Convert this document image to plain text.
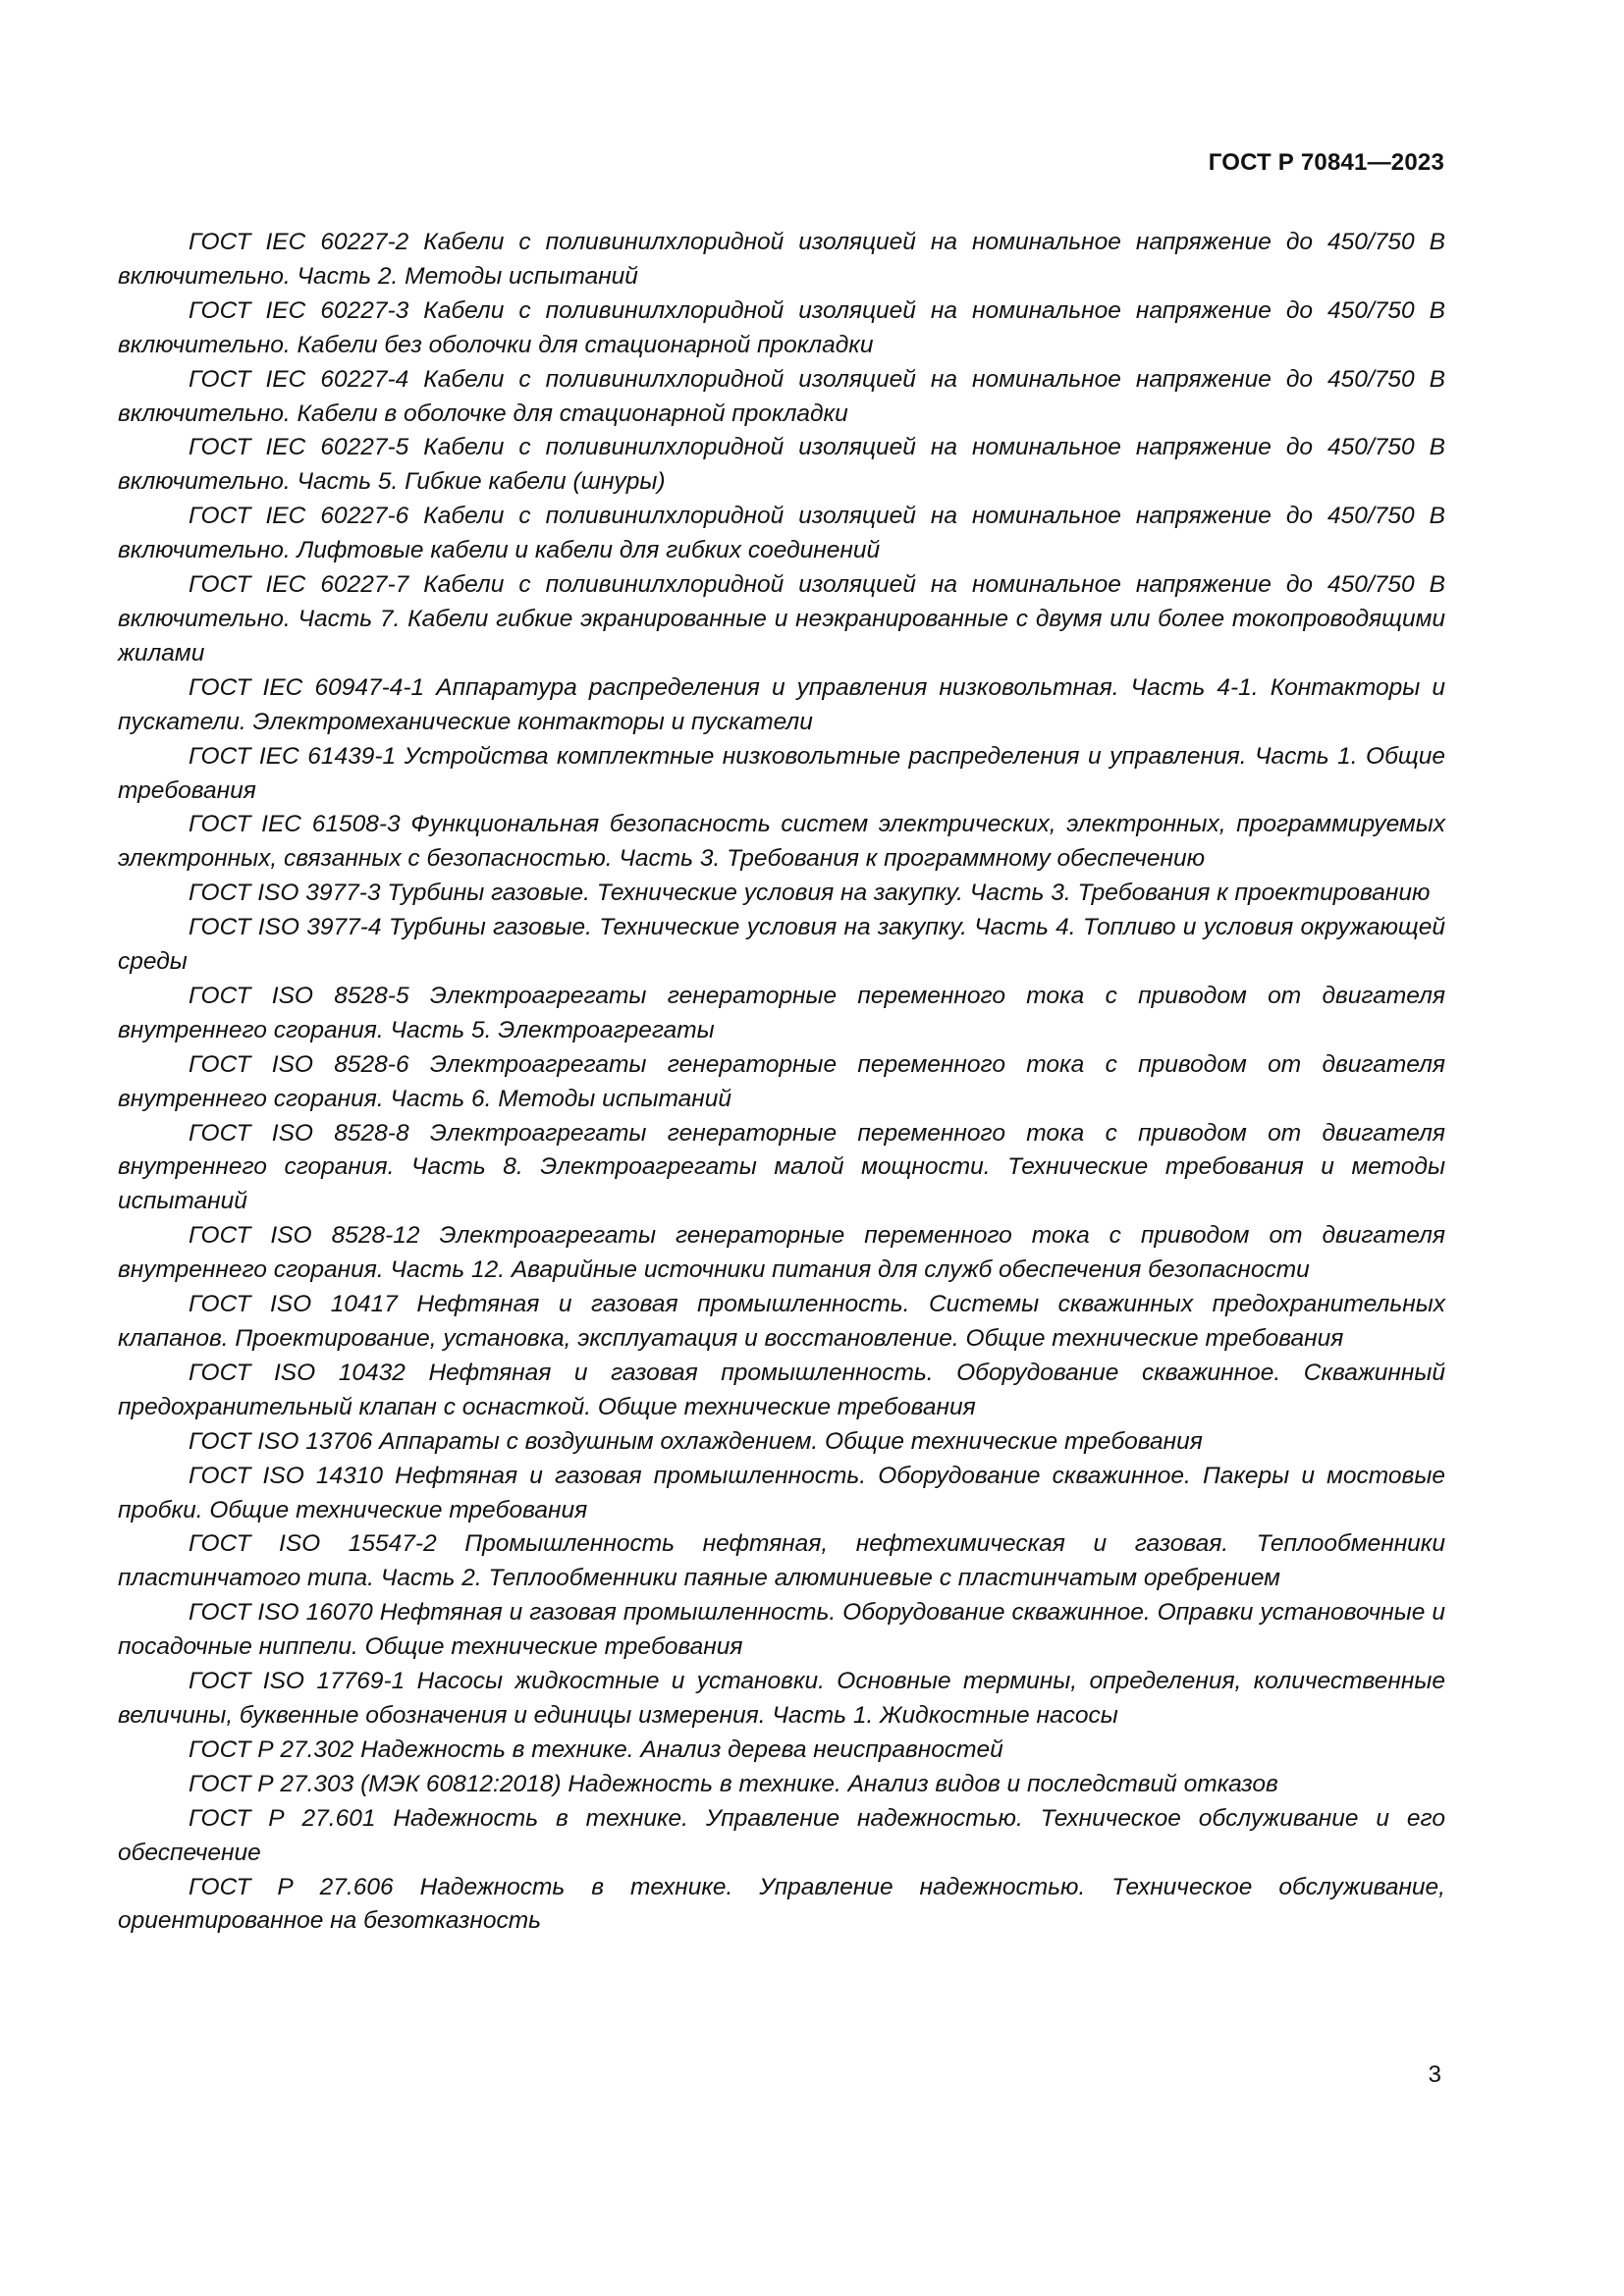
ГОСТ Р 70841—2023

ГОСТ IEC 60227-2 Кабели с поливинилхлоридной изоляцией на номинальное напряжение до 450/750 В включительно. Часть 2. Методы испытаний

ГОСТ IEC 60227-3 Кабели с поливинилхлоридной изоляцией на номинальное напряжение до 450/750 В включительно. Кабели без оболочки для стационарной прокладки

ГОСТ IEC 60227-4 Кабели с поливинилхлоридной изоляцией на номинальное напряжение до 450/750 В включительно. Кабели в оболочке для стационарной прокладки

ГОСТ IEC 60227-5 Кабели с поливинилхлоридной изоляцией на номинальное напряжение до 450/750 В включительно. Часть 5. Гибкие кабели (шнуры)

ГОСТ IEC 60227-6 Кабели с поливинилхлоридной изоляцией на номинальное напряжение до 450/750 В включительно. Лифтовые кабели и кабели для гибких соединений

ГОСТ IEC 60227-7 Кабели с поливинилхлоридной изоляцией на номинальное напряжение до 450/750 В включительно. Часть 7. Кабели гибкие экранированные и неэкранированные с двумя или более токопроводящими жилами

ГОСТ IEC 60947-4-1 Аппаратура распределения и управления низковольтная. Часть 4-1. Контакторы и пускатели. Электромеханические контакторы и пускатели

ГОСТ IEC 61439-1 Устройства комплектные низковольтные распределения и управления. Часть 1. Общие требования

ГОСТ IEC 61508-3 Функциональная безопасность систем электрических, электронных, программируемых электронных, связанных с безопасностью. Часть 3. Требования к программному обеспечению

ГОСТ ISO 3977-3 Турбины газовые. Технические условия на закупку. Часть 3. Требования к проектированию

ГОСТ ISO 3977-4 Турбины газовые. Технические условия на закупку. Часть 4. Топливо и условия окружающей среды

ГОСТ ISO 8528-5 Электроагрегаты генераторные переменного тока с приводом от двигателя внутреннего сгорания. Часть 5. Электроагрегаты

ГОСТ ISO 8528-6 Электроагрегаты генераторные переменного тока с приводом от двигателя внутреннего сгорания. Часть 6. Методы испытаний

ГОСТ ISO 8528-8 Электроагрегаты генераторные переменного тока с приводом от двигателя внутреннего сгорания. Часть 8. Электроагрегаты малой мощности. Технические требования и методы испытаний

ГОСТ ISO 8528-12 Электроагрегаты генераторные переменного тока с приводом от двигателя внутреннего сгорания. Часть 12. Аварийные источники питания для служб обеспечения безопасности

ГОСТ ISO 10417 Нефтяная и газовая промышленность. Системы скважинных предохранительных клапанов. Проектирование, установка, эксплуатация и восстановление. Общие технические требования

ГОСТ ISO 10432 Нефтяная и газовая промышленность. Оборудование скважинное. Скважинный предохранительный клапан с оснасткой. Общие технические требования

ГОСТ ISO 13706 Аппараты с воздушным охлаждением. Общие технические требования

ГОСТ ISO 14310 Нефтяная и газовая промышленность. Оборудование скважинное. Пакеры и мостовые пробки. Общие технические требования

ГОСТ ISO 15547-2 Промышленность нефтяная, нефтехимическая и газовая. Теплообменники пластинчатого типа. Часть 2. Теплообменники паяные алюминиевые с пластинчатым оребрением

ГОСТ ISO 16070 Нефтяная и газовая промышленность. Оборудование скважинное. Оправки установочные и посадочные ниппели. Общие технические требования

ГОСТ ISO 17769-1 Насосы жидкостные и установки. Основные термины, определения, количественные величины, буквенные обозначения и единицы измерения. Часть 1. Жидкостные насосы

ГОСТ Р 27.302 Надежность в технике. Анализ дерева неисправностей

ГОСТ Р 27.303 (МЭК 60812:2018) Надежность в технике. Анализ видов и последствий отказов

ГОСТ Р 27.601 Надежность в технике. Управление надежностью. Техническое обслуживание и его обеспечение

ГОСТ Р 27.606 Надежность в технике. Управление надежностью. Техническое обслуживание, ориентированное на безотказность

3
